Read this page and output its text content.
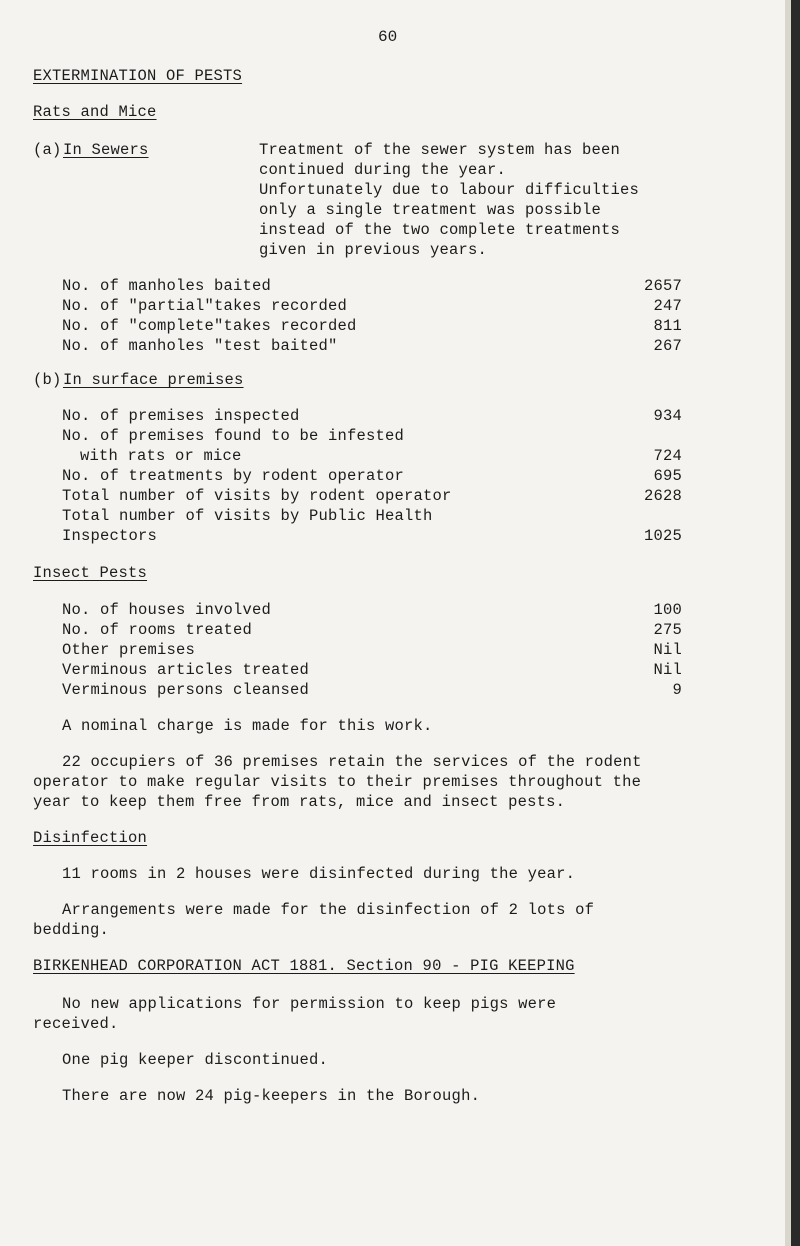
60
EXTERMINATION OF PESTS
Rats and Mice
(a) In Sewers	Treatment of the sewer system has been
continued during the year.
Unfortunately due to labour difficulties
only a single treatment was possible
instead of the two complete treatments
given in previous years.
No. of manholes baited	2657
No. of "partial"takes recorded	247
No. of "complete"takes recorded	811
No. of manholes "test baited"	267
(b) In surface premises
No. of premises inspected	934
No. of premises found to be infested
with rats or mice	724
No. of treatments by rodent operator	695
Total number of visits by rodent operator	2628
Total number of visits by Public Health
Inspectors	1025
Insect Pests
No. of houses involved	100
No. of rooms treated	275
Other premises	Nil
Verminous articles treated	Nil
Verminous persons cleansed	9
A nominal charge is made for this work.
22 occupiers of 36 premises retain the services of the rodent
operator to make regular visits to their premises throughout the
year to keep them free from rats, mice and insect pests.
Disinfection
11 rooms in 2 houses were disinfected during the year.
Arrangements were made for the disinfection of 2 lots of
bedding.
BIRKENHEAD CORPORATION ACT 1881. Section 90 - PIG KEEPING
No new applications for permission to keep pigs were
received.
One pig keeper discontinued.
There are now 24 pig-keepers in the Borough.
